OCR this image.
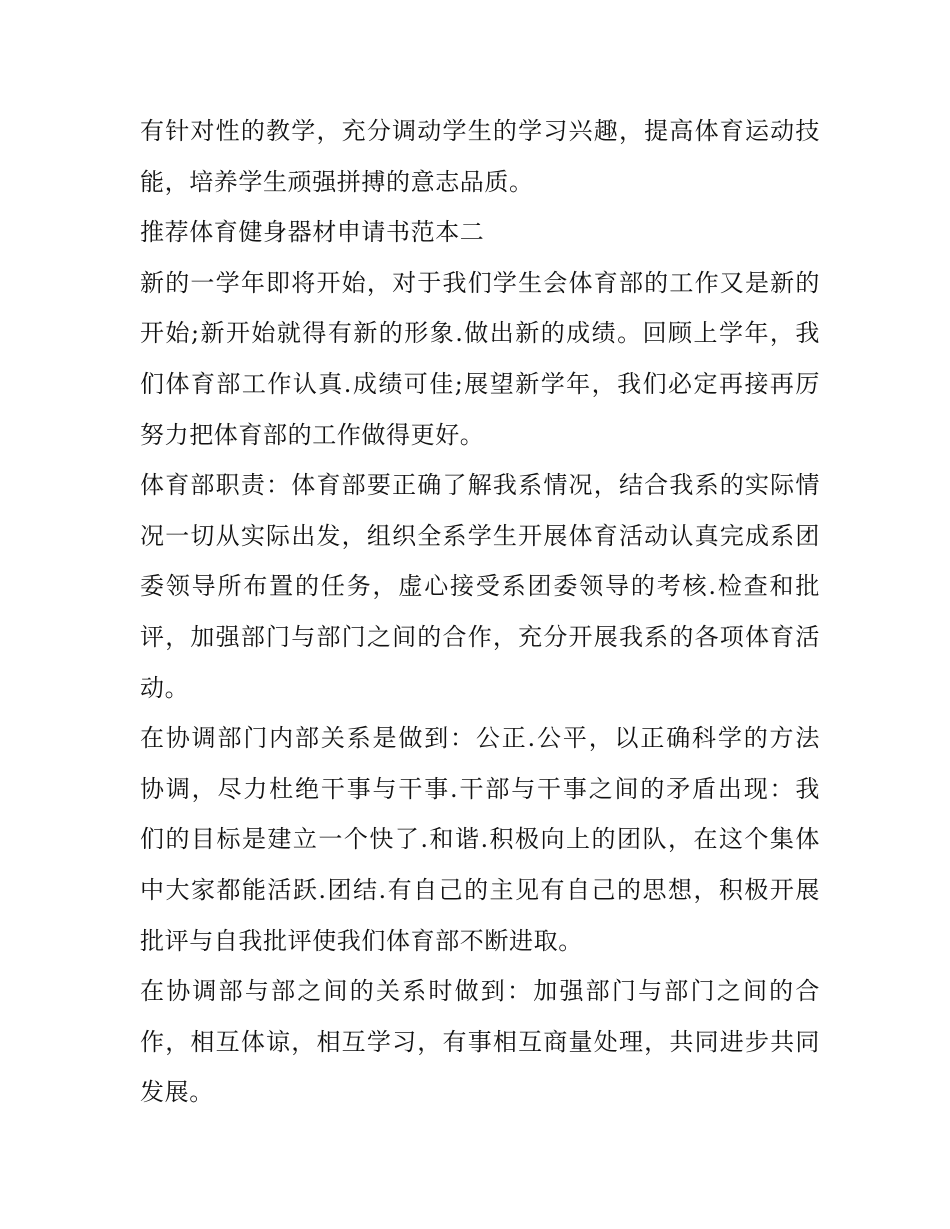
有针对性的教学，充分调动学生的学习兴趣，提高体育运动技
能，培养学生顽强拼搏的意志品质。
推荐体育健身器材申请书范本二
新的一学年即将开始，对于我们学生会体育部的工作又是新的
开始;新开始就得有新的形象.做出新的成绩。回顾上学年，我
们体育部工作认真.成绩可佳;展望新学年，我们必定再接再厉
努力把体育部的工作做得更好。
体育部职责：体育部要正确了解我系情况，结合我系的实际情
况一切从实际出发，组织全系学生开展体育活动认真完成系团
委领导所布置的任务，虚心接受系团委领导的考核.检查和批
评，加强部门与部门之间的合作，充分开展我系的各项体育活
动。
在协调部门内部关系是做到：公正.公平，以正确科学的方法
协调，尽力杜绝干事与干事.干部与干事之间的矛盾出现：我
们的目标是建立一个快了.和谐.积极向上的团队，在这个集体
中大家都能活跃.团结.有自己的主见有自己的思想，积极开展
批评与自我批评使我们体育部不断进取。
在协调部与部之间的关系时做到：加强部门与部门之间的合
作，相互体谅，相互学习，有事相互商量处理，共同进步共同
发展。
